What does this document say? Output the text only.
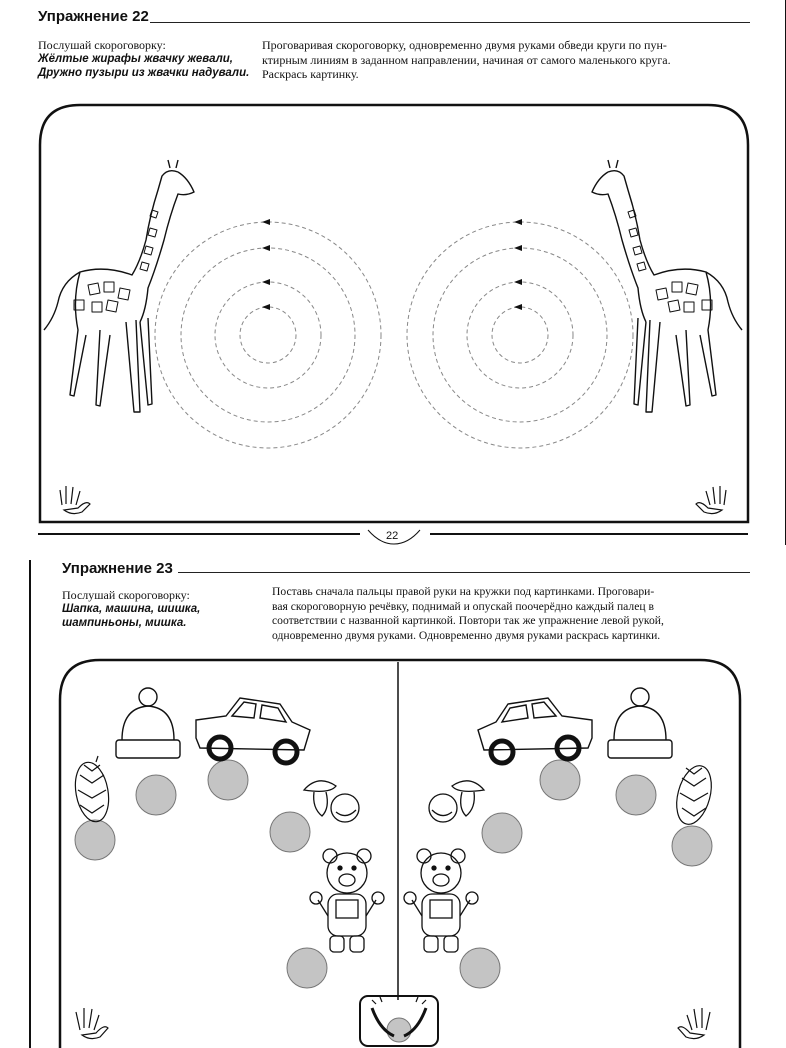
Упражнение 22
Послушай скороговорку:
Жёлтые жирафы жвачку жевали,
Дружно пузыри из жвачки надували.
Проговаривая скороговорку, одновременно двумя руками обведи круги по пун-
ктирным линиям в заданном направлении, начиная от самого маленького круга.
Раскрась картинку.
22
Упражнение 23
Послушай скороговорку:
Шапка, машина, шишка,
шампиньоны, мишка.
Поставь сначала пальцы правой руки на кружки под картинками. Проговари-
вая скороговорную речёвку, поднимай и опускай поочерёдно каждый палец в
соответствии с названной картинкой. Повтори так же упражнение левой рукой,
одновременно двумя руками. Одновременно двумя руками раскрась картинки.
